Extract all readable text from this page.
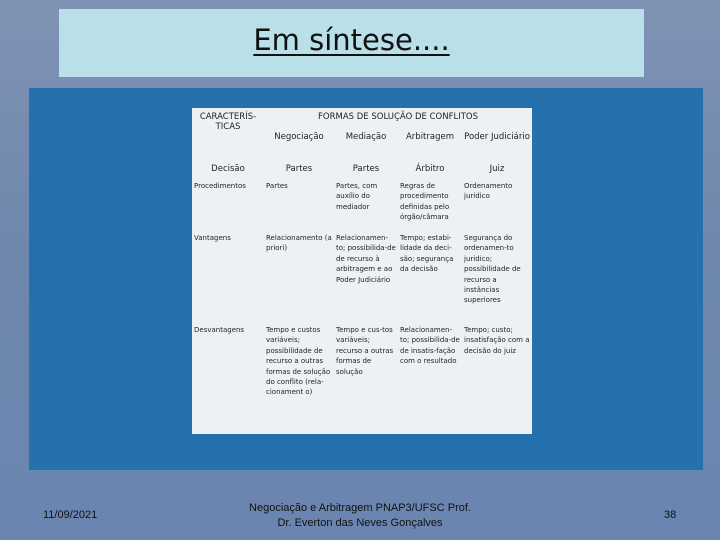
Em síntese....
CARACTERÍS-TICAS	FORMAS DE SOLUÇÃO DE CONFLITOS			
	Negociação	Mediação	Arbitragem	Poder Judiciário
Decisão	Partes	Partes	Árbitro	Juiz
Procedimentos	Partes	Partes, com auxílio do mediador	Regras de procedimento definidas pelo órgão/câmara	Ordenamento jurídico
Vantagens	Relacionamento (a priori)	Relacionamen-to; possibilida-de de recurso à arbitragem e ao Poder Judiciário	Tempo; estabi-lidade da deci-são; segurança da decisão	Segurança do ordenamen-to jurídico; possibilidade de recurso a instâncias superiores
Desvantagens	Tempo e custos variáveis; possibilidade de recurso a outras formas de solução do conflito (rela-cionament o)	Tempo e cus-tos variáveis; recurso a outras formas de solução	Relacionamen-to; possibilida-de de insatis-fação com o resultado	Tempo; custo; insatisfação com a decisão do juiz
11/09/2021
Negociação e Arbitragem PNAP3/UFSC Prof.
Dr. Everton das Neves Gonçalves
38
